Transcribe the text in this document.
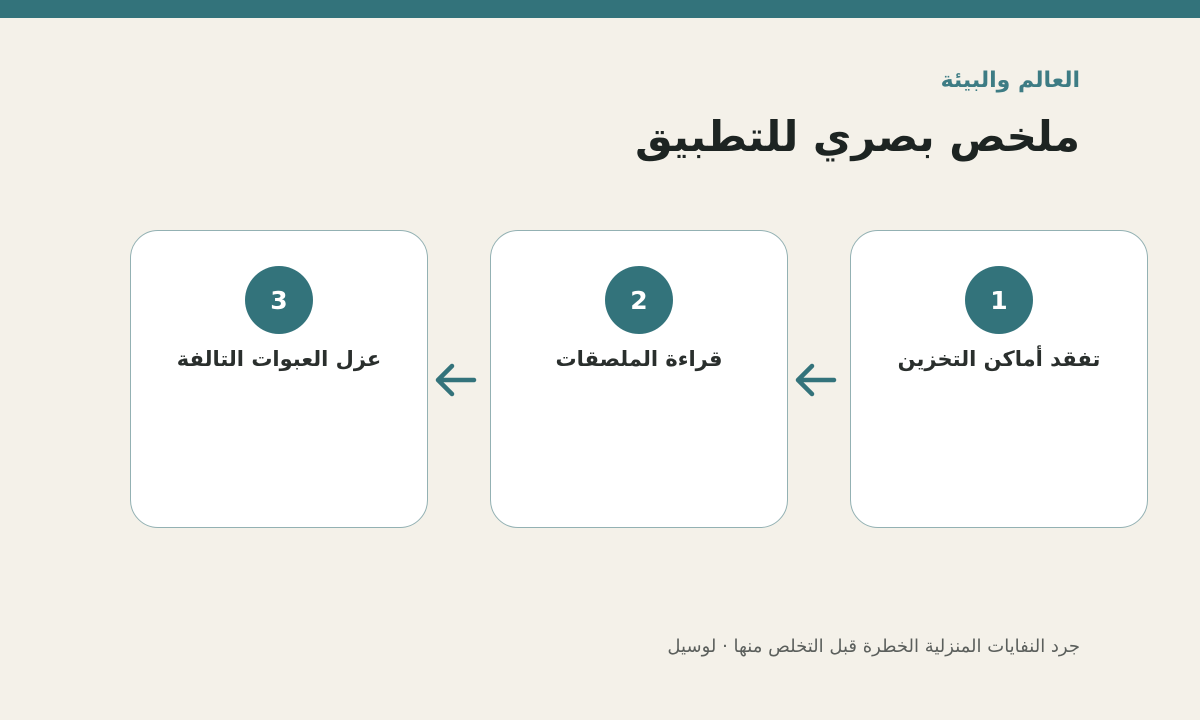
العالم والبيئة
ملخص بصري للتطبيق
1
تفقد أماكن التخزين
2
قراءة الملصقات
3
عزل العبوات التالفة
جرد النفايات المنزلية الخطرة قبل التخلص منها · لوسيل
